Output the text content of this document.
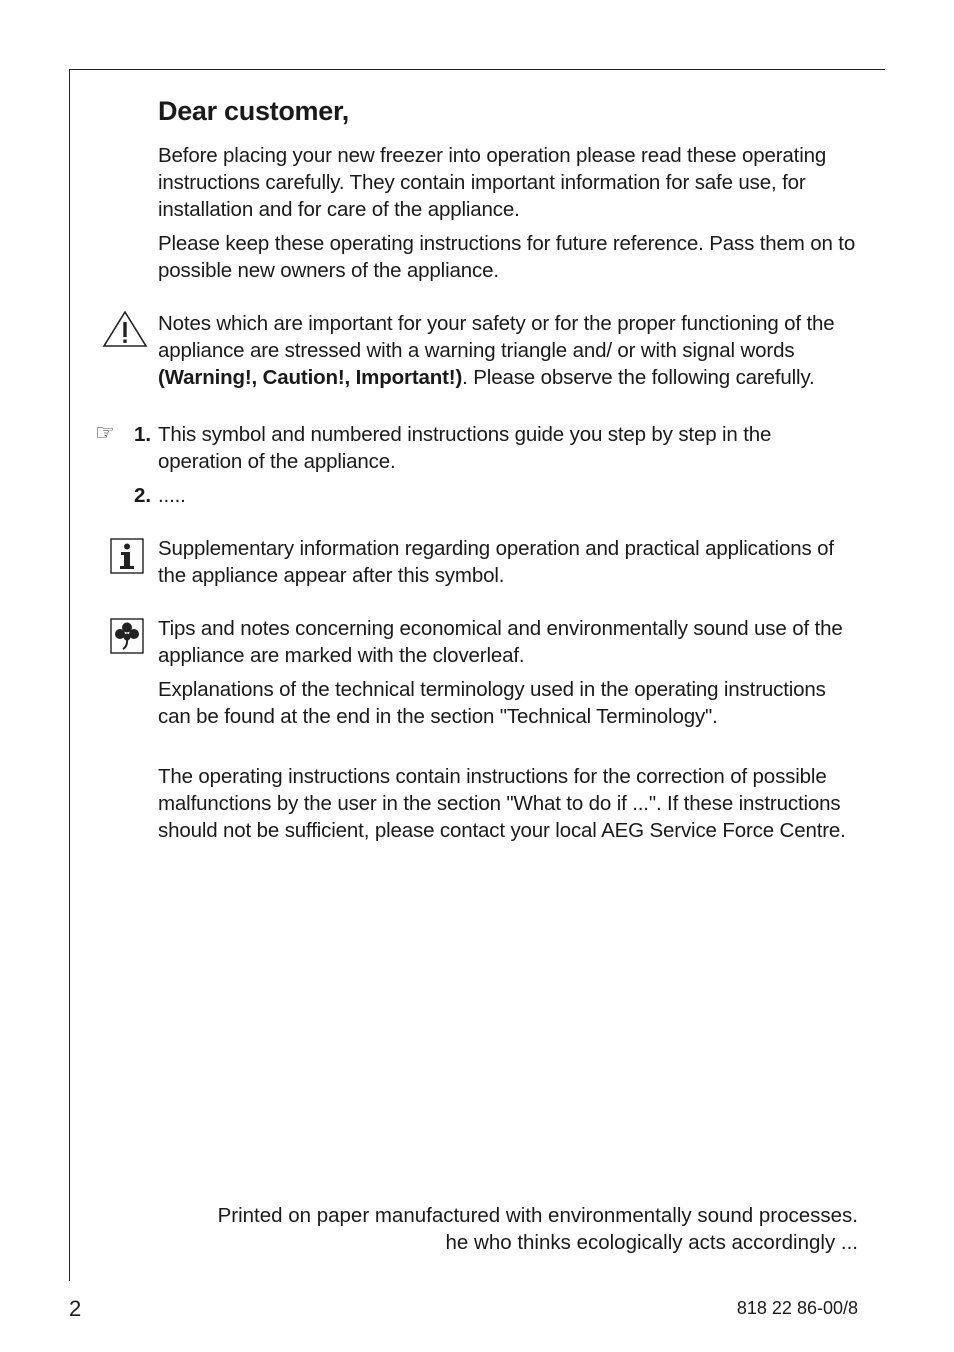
Dear customer,
Before placing your new freezer into operation please read these operating instructions carefully. They contain important information for safe use, for installation and for care of the appliance.
Please keep these operating instructions for future reference. Pass them on to possible new owners of the appliance.
Notes which are important for your safety or for the proper functioning of the appliance are stressed with a warning triangle and/ or with signal words (Warning!, Caution!, Important!). Please observe the following carefully.
☞ 1. This symbol and numbered instructions guide you step by step in the operation of the appliance.
2. .....
Supplementary information regarding operation and practical applications of the appliance appear after this symbol.
Tips and notes concerning economical and environmentally sound use of the appliance are marked with the cloverleaf.
Explanations of the technical terminology used in the operating instructions can be found at the end in the section "Technical Terminology".
The operating instructions contain instructions for the correction of possible malfunctions by the user in the section "What to do if ...". If these instructions should not be sufficient, please contact your local AEG Service Force Centre.
Printed on paper manufactured with environmentally sound processes.
he who thinks ecologically acts accordingly ...
2	818 22 86-00/8
